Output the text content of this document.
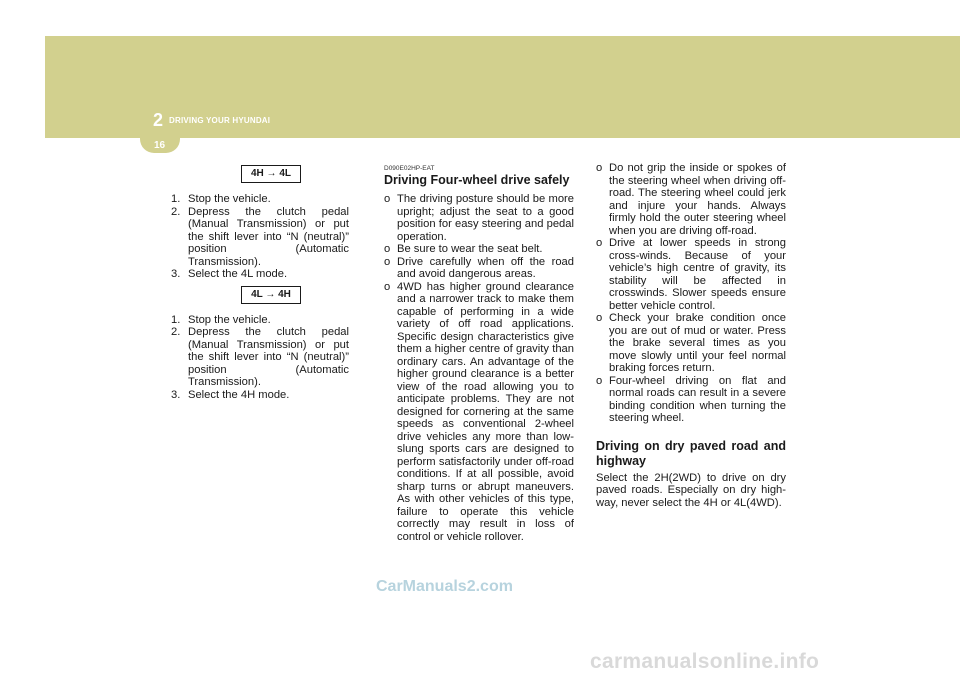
2 DRIVING YOUR HYUNDAI
16
4H → 4L
1. Stop the vehicle.
2. Depress the clutch pedal (Manual Transmission) or put the shift lever into “N (neutral)” position (Automatic Transmission).
3. Select the 4L mode.
4L → 4H
1. Stop the vehicle.
2. Depress the clutch pedal (Manual Transmission) or put the shift lever into “N (neutral)” position (Automatic Transmission).
3. Select the 4H mode.
D090E02HP-EAT
Driving Four-wheel drive safely
o The driving posture should be more upright; adjust the seat to a good position for easy steering and pedal operation.
o Be sure to wear the seat belt.
o Drive carefully when off the road and avoid dangerous areas.
o 4WD has higher ground clearance and a narrower track to make them capable of performing in a wide variety of off road applications. Specific design characteristics give them a higher centre of gravity than ordinary cars. An advantage of the higher ground clearance is a better view of the road allowing you to anticipate problems. They are not designed for cornering at the same speeds as conventional 2-wheel drive vehicles any more than low-slung sports cars are designed to perform satisfactorily under off-road conditions. If at all possible, avoid sharp turns or abrupt maneuvers. As with other vehicles of this type, failure to operate this vehicle correctly may result in loss of control or vehicle rollover.
o Do not grip the inside or spokes of the steering wheel when driving off-road. The steering wheel could jerk and injure your hands. Always firmly hold the outer steering wheel when you are driving off-road.
o Drive at lower speeds in strong cross-winds. Because of your vehicle’s high centre of gravity, its stability will be affected in crosswinds. Slower speeds ensure better vehicle control.
o Check your brake condition once you are out of mud or water. Press the brake several times as you move slowly until your feel normal braking forces return.
o Four-wheel driving on flat and normal roads can result in a severe binding condition when turning the steering wheel.
Driving on dry paved road and highway
Select the 2H(2WD) to drive on dry paved roads. Especially on dry high-way, never select the 4H or 4L(4WD).
CarManuals2.com
carmanualsonline.info
